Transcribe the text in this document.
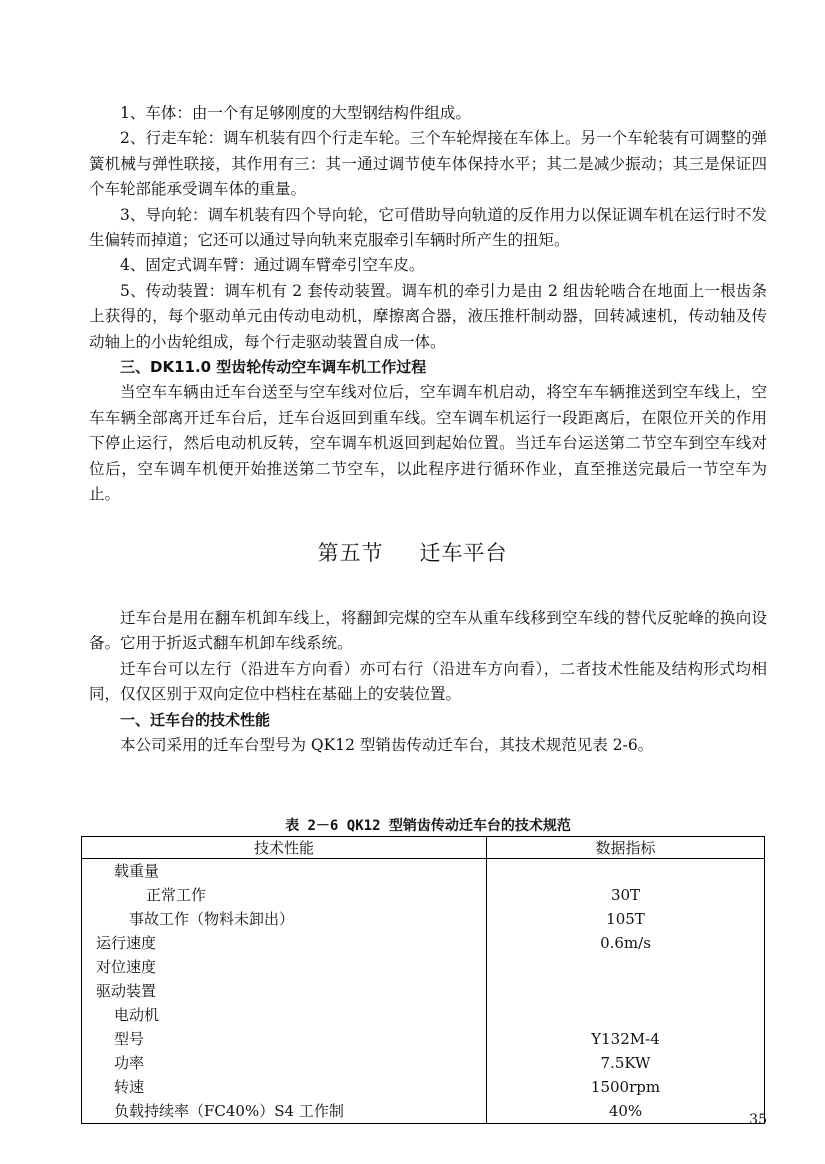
1、车体：由一个有足够刚度的大型钢结构件组成。

2、行走车轮：调车机装有四个行走车轮。三个车轮焊接在车体上。另一个车轮装有可调整的弹簧机械与弹性联接，其作用有三：其一通过调节使车体保持水平；其二是减少振动；其三是保证四个车轮部能承受调车体的重量。

3、导向轮：调车机装有四个导向轮，它可借助导向轨道的反作用力以保证调车机在运行时不发生偏转而掉道；它还可以通过导向轨来克服牵引车辆时所产生的扭矩。

4、固定式调车臂：通过调车臂牵引空车皮。

5、传动装置：调车机有 2 套传动装置。调车机的牵引力是由 2 组齿轮啮合在地面上一根齿条上获得的，每个驱动单元由传动电动机，摩擦离合器，液压推杆制动器，回转减速机，传动轴及传动轴上的小齿轮组成，每个行走驱动装置自成一体。

三、DK11.0 型齿轮传动空车调车机工作过程

当空车车辆由迁车台送至与空车线对位后，空车调车机启动，将空车车辆推送到空车线上，空车车辆全部离开迁车台后，迁车台返回到重车线。空车调车机运行一段距离后，在限位开关的作用下停止运行，然后电动机反转，空车调车机返回到起始位置。当迁车台运送第二节空车到空车线对位后，空车调车机便开始推送第二节空车，以此程序进行循环作业，直至推送完最后一节空车为止。

第五节 迁车平台

迁车台是用在翻车机卸车线上，将翻卸完煤的空车从重车线移到空车线的替代反驼峰的换向设备。它用于折返式翻车机卸车线系统。

迁车台可以左行（沿进车方向看）亦可右行（沿进车方向看），二者技术性能及结构形式均相同，仅仅区别于双向定位中档柱在基础上的安装位置。

一、迁车台的技术性能

本公司采用的迁车台型号为 QK12 型销齿传动迁车台，其技术规范见表 2-6。

表 2－6 QK12 型销齿传动迁车台的技术规范
技术性能	数据指标
载重量	
正常工作	30T
事故工作（物料未卸出）	105T
运行速度	0.6m/s
对位速度	
驱动装置	
电动机	
型号	Y132M-4
功率	7.5KW
转速	1500rpm
负载持续率（FC40%）S4 工作制	40%	35
